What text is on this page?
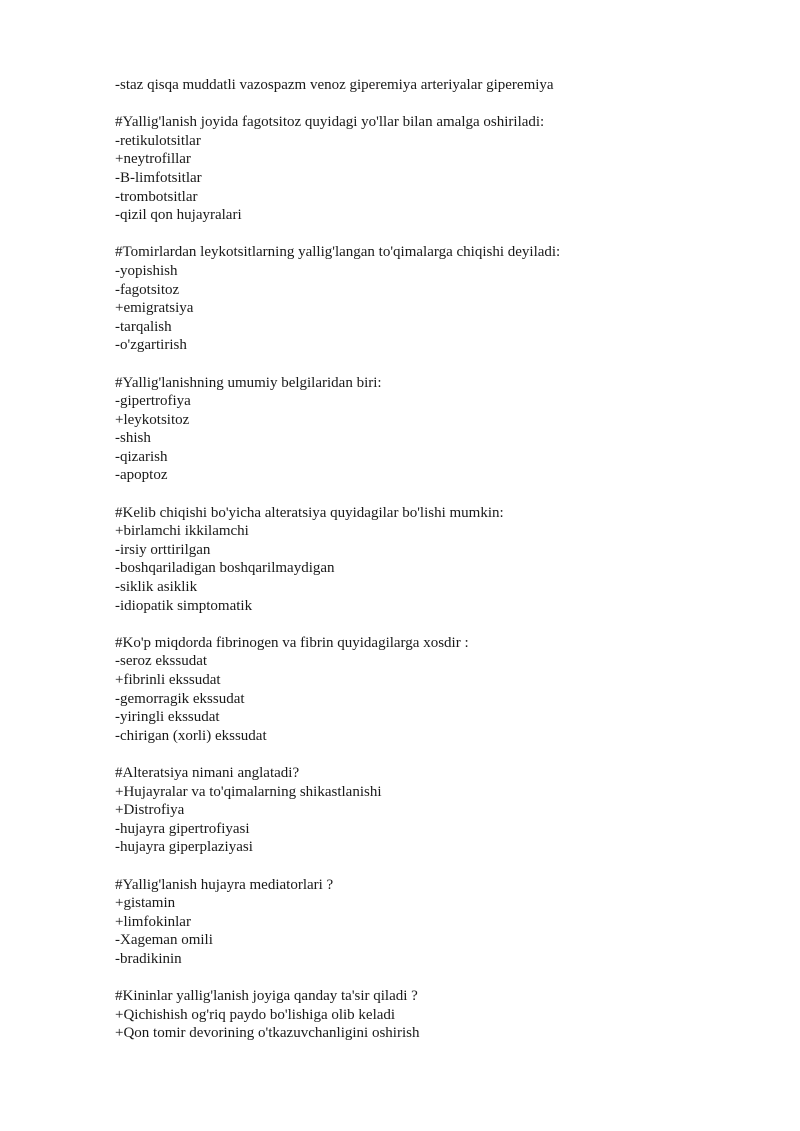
-staz qisqa muddatli vazospazm venoz giperemiya arteriyalar giperemiya
#Yallig'lanish joyida fagotsitoz quyidagi yo'llar bilan amalga oshiriladi:
-retikulotsitlar
+neytrofillar
-B-limfotsitlar
-trombotsitlar
-qizil qon hujayralari
#Tomirlardan leykotsitlarning yallig'langan to'qimalarga chiqishi deyiladi:
-yopishish
-fagotsitoz
+emigratsiya
-tarqalish
-o'zgartirish
#Yallig'lanishning umumiy belgilaridan biri:
-gipertrofiya
+leykotsitoz
-shish
-qizarish
-apoptoz
#Kelib chiqishi bo'yicha alteratsiya quyidagilar bo'lishi mumkin:
+birlamchi ikkilamchi
-irsiy orttirilgan
-boshqariladigan boshqarilmaydigan
-siklik asiklik
-idiopatik simptomatik
#Ko'p miqdorda fibrinogen va fibrin quyidagilarga xosdir :
-seroz ekssudat
+fibrinli ekssudat
-gemorragik ekssudat
-yiringli ekssudat
-chirigan (xorli) ekssudat
#Alteratsiya nimani anglatadi?
+Hujayralar va to'qimalarning shikastlanishi
+Distrofiya
-hujayra gipertrofiyasi
-hujayra giperplaziyasi
#Yallig'lanish hujayra mediatorlari ?
+gistamin
+limfokinlar
-Xageman omili
-bradikinin
#Kininlar yallig'lanish joyiga qanday ta'sir qiladi ?
+Qichishish og'riq paydo bo'lishiga olib keladi
+Qon tomir devorining o'tkazuvchanligini oshirish
